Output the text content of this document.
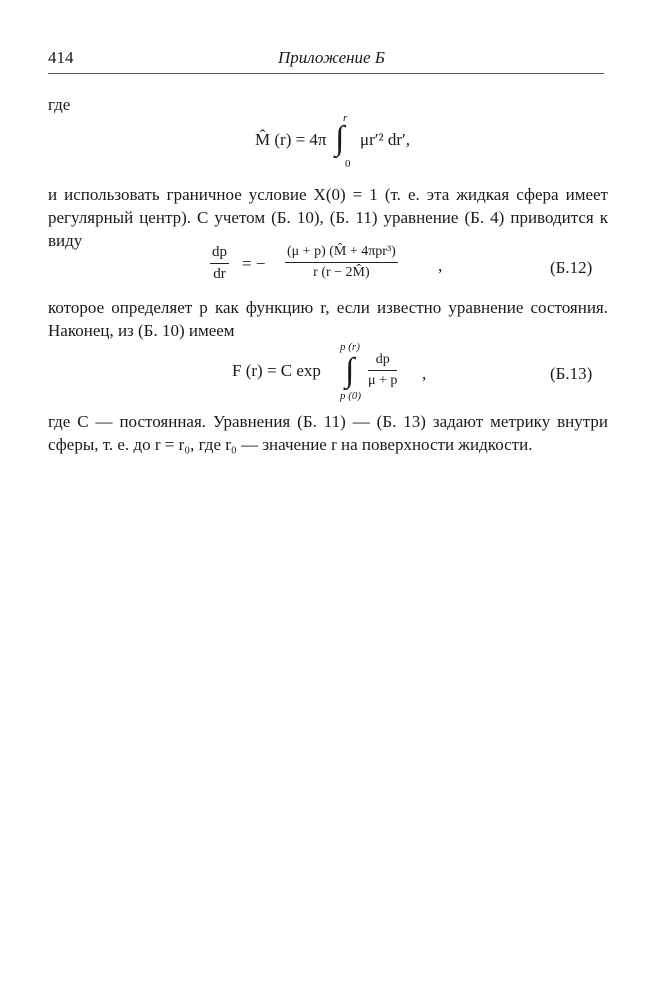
414	Приложение Б
где
M̂ (r) = 4π
r
∫
0
μr′² dr′,
и использовать граничное условие X(0) = 1 (т. е. эта жидкая сфера имеет регулярный центр). С учетом (Б. 10), (Б. 11) уравнение (Б. 4) приводится к виду
$\frac{dp}{dr}$ = −
(μ + p) (M̂ + 4πpr³)
r (r − 2M̂)	,	(Б.12)
которое определяет p как функцию r, если известно уравнение состояния. Наконец, из (Б. 10) имеем
F (r) = C exp
p (r)
∫
p (0)
$\frac{dp}{\mu + p}$ ,	(Б.13)
где C — постоянная. Уравнения (Б. 11) — (Б. 13) задают метрику внутри сферы, т. е. до r = r₀, где r₀ — значение r на поверхности жидкости.
